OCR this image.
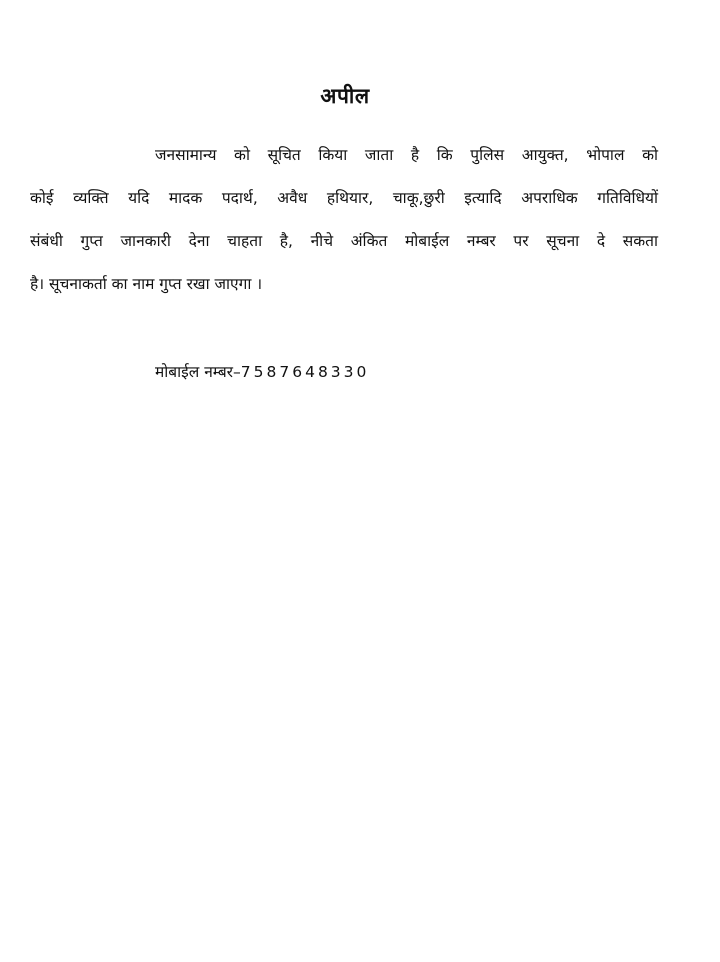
अपील
जनसामान्य को सूचित किया जाता है कि पुलिस आयुक्त, भोपाल को
कोई व्यक्ति यदि मादक पदार्थ, अवैध हथियार, चाकू,छुरी इत्यादि अपराधिक गतिविधियों
संबंधी गुप्त जानकारी देना चाहता है, नीचे अंकित मोबाईल नम्बर पर सूचना दे सकता
है। सूचनाकर्ता का नाम गुप्त रखा जाएगा ।
मोबाईल नम्बर–7587648330
